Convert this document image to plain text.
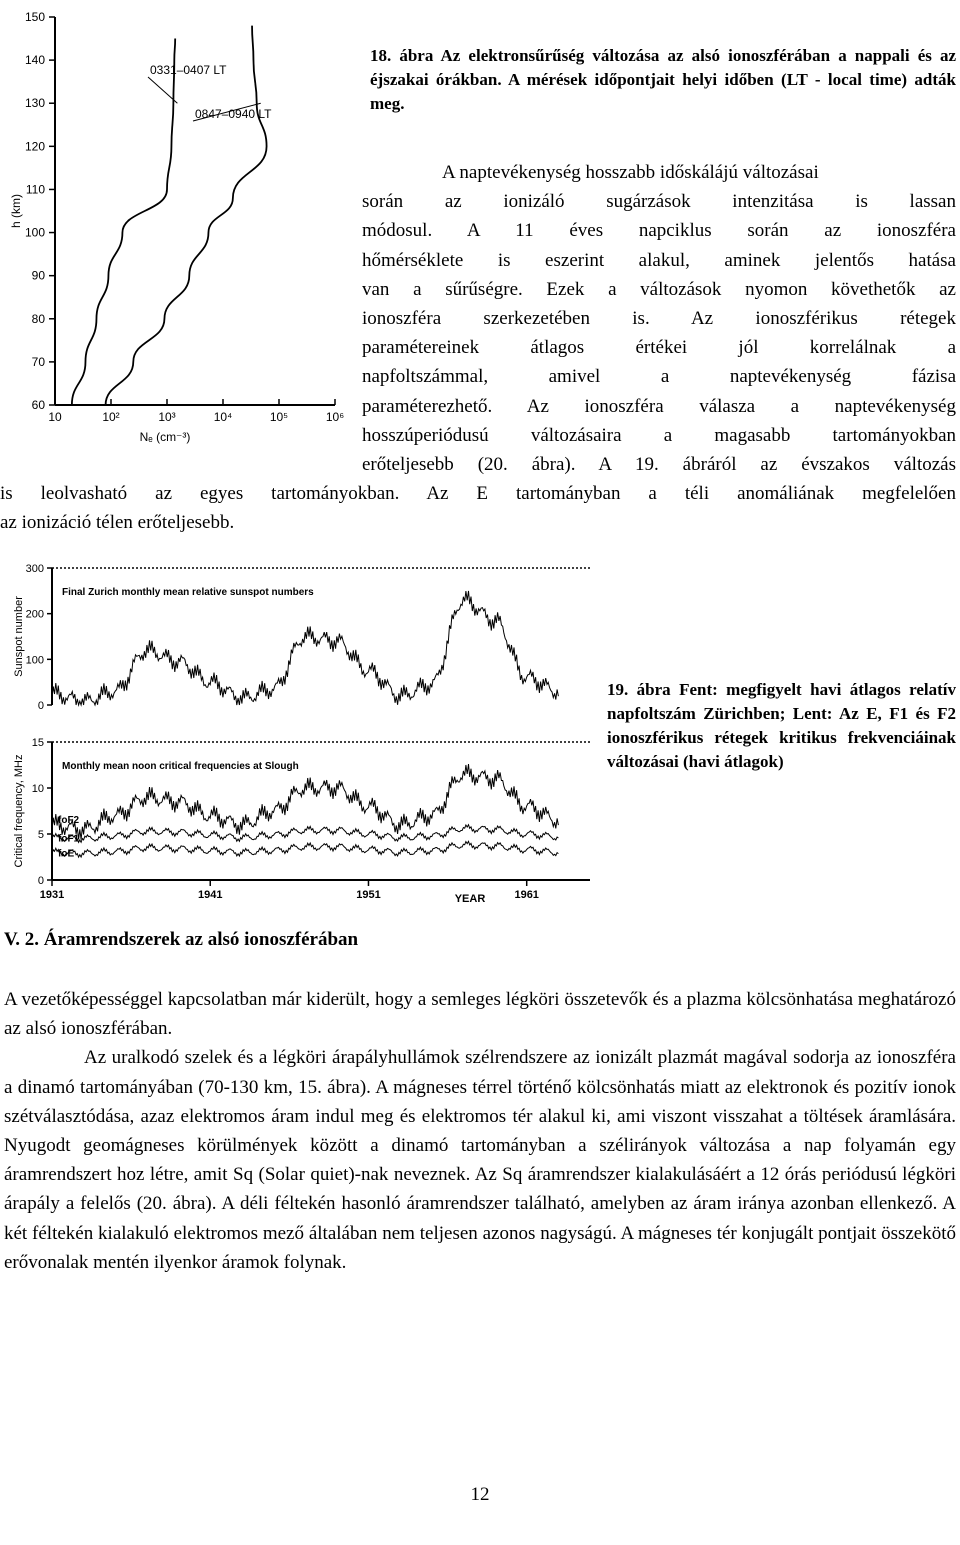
60
70
80
90
100
110
120
130
140
150
10	10²	10³	10⁴	10⁵	10⁶
h (km)
Nₑ (cm⁻³)
0331–0407 LT
0847–0940 LT
18. ábra Az elektronsűrűség változása az alsó ionoszférában a nappali és az éjszakai órákban. A mérések időpontjait helyi időben (LT - local time) adták meg.
A naptevékenység hosszabb időskálájú változásai
során az ionizáló sugárzások intenzitása is lassan
módosul. A 11 éves napciklus során az ionoszféra
hőmérséklete is eszerint alakul, aminek jelentős hatása
van a sűrűségre. Ezek a változások nyomon követhetők az
ionoszféra szerkezetében is. Az ionoszférikus rétegek
paramétereinek átlagos értékei jól korrelálnak a
napfoltszámmal, amivel a naptevékenység fázisa
paraméterezhető. Az ionoszféra válasza a naptevékenység
hosszúperiódusú változásaira a magasabb tartományokban
erőteljesebb (20. ábra). A 19. ábráról az évszakos változás
is leolvasható az egyes tartományokban. Az E tartományban a téli anomáliának megfelelően
az ionizáció télen erőteljesebb.
0
100
200
300
Sunspot number
Final Zurich monthly mean relative sunspot numbers
0
5
10
15
Critical frequency, MHz	Monthly mean noon critical frequencies at Slough
foF2
foF1
foE
1931	1941	1951	1961
YEAR
19. ábra Fent: megfigyelt havi átlagos relatív napfoltszám Zürichben; Lent: Az E, F1 és F2 ionoszférikus rétegek kritikus frekvenciáinak változásai (havi átlagok)
V. 2. Áramrendszerek az alsó ionoszférában

A vezetőképességgel kapcsolatban már kiderült, hogy a semleges légköri összetevők és a plazma kölcsönhatása meghatározó az alsó ionoszférában.

Az uralkodó szelek és a légköri árapályhullámok szélrendszere az ionizált plazmát magával sodorja az ionoszféra a dinamó tartományában (70-130 km, 15. ábra). A mágneses térrel történő kölcsönhatás miatt az elektronok és pozitív ionok szétválasztódása, azaz elektromos áram indul meg és elektromos tér alakul ki, ami viszont visszahat a töltések áramlására. Nyugodt geomágneses körülmények között a dinamó tartományban a szélirányok változása a nap folyamán egy áramrendszert hoz létre, amit Sq (Solar quiet)-nak neveznek. Az Sq áramrendszer kialakulásáért a 12 órás periódusú légköri árapály a felelős (20. ábra). A déli féltekén hasonló áramrendszer található, amelyben az áram iránya azonban ellenkező. A két féltekén kialakuló elektromos mező általában nem teljesen azonos nagyságú. A mágneses tér konjugált pontjait összekötő erővonalak mentén ilyenkor áramok folynak.

12
